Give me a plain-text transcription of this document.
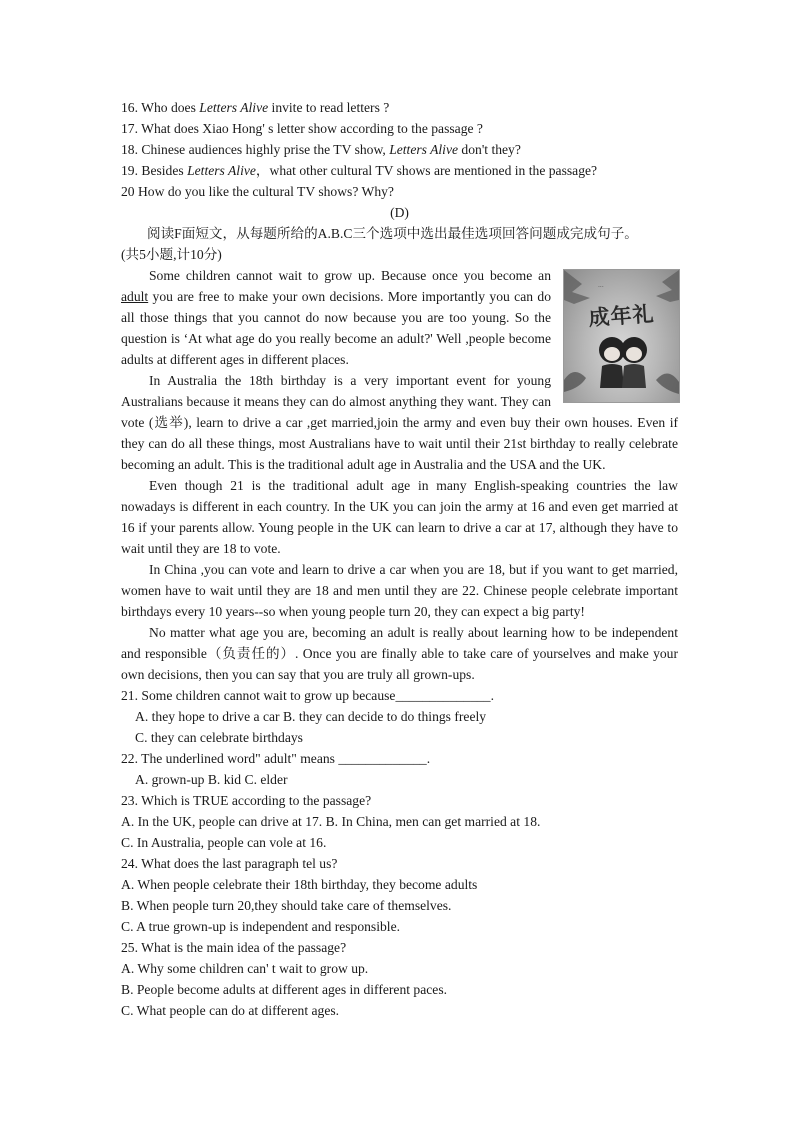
16. Who does Letters Alive invite to read letters ?
17. What does Xiao Hong' s letter show according to the passage ?
18. Chinese audiences highly prise the TV show, Letters Alive don't they?
19. Besides Letters Alive，what other cultural TV shows are mentioned in the passage?
20 How do you like the cultural TV shows? Why?
(D)
阅读F面短文，从每题所给的A.B.C三个选项中选出最佳选项回答问题成完成句子。
(共5小题,计10分)
...
成年礼

Some children cannot wait to grow up. Because once you become an adult you are free to make your own decisions. More importantly you can do all those things that you cannot do now because you are too young. So the question is ‘At what age do you really become an adult?' Well ,people become adults at different ages in different places.

In Australia the 18th birthday is a very important event for young Australians because it means they can do almost anything they want. They can vote (选举), learn to drive a car ,get married,join the army and even buy their own houses. Even if they can do all these things, most Australians have to wait until their 21st birthday to really celebrate becoming an adult. This is the traditional adult age in Australia and the USA and the UK.

Even though 21 is the traditional adult age in many English-speaking countries the law nowadays is different in each country. In the UK you can join the army at 16 and even get married at 16 if your parents allow. Young people in the UK can learn to drive a car at 17, although they have to wait until they are 18 to vote.

In China ,you can vote and learn to drive a car when you are 18, but if you want to get married, women have to wait until they are 18 and men until they are 22. Chinese people celebrate important birthdays every 10 years--so when young people turn 20, they can expect a big party!

No matter what age you are, becoming an adult is really about learning how to be independent and responsible（负责任的）. Once you are finally able to take care of yourselves and make your own decisions, then you can say that you are truly all grown-ups.

21. Some children cannot wait to grow up because______________.
A. they hope to drive a car B. they can decide to do things freely
C. they can celebrate birthdays
22. The underlined word" adult" means _____________.
A. grown-up B. kid C. elder
23. Which is TRUE according to the passage?
A. In the UK, people can drive at 17. B. In China, men can get married at 18.
C. In Australia, people can vole at 16.
24. What does the last paragraph tel us?
A. When people celebrate their 18th birthday, they become adults
B. When people turn 20,they should take care of themselves.
C. A true grown-up is independent and responsible.
25. What is the main idea of the passage?
A. Why some children can' t wait to grow up.
B. People become adults at different ages in different paces.
C. What people can do at different ages.
